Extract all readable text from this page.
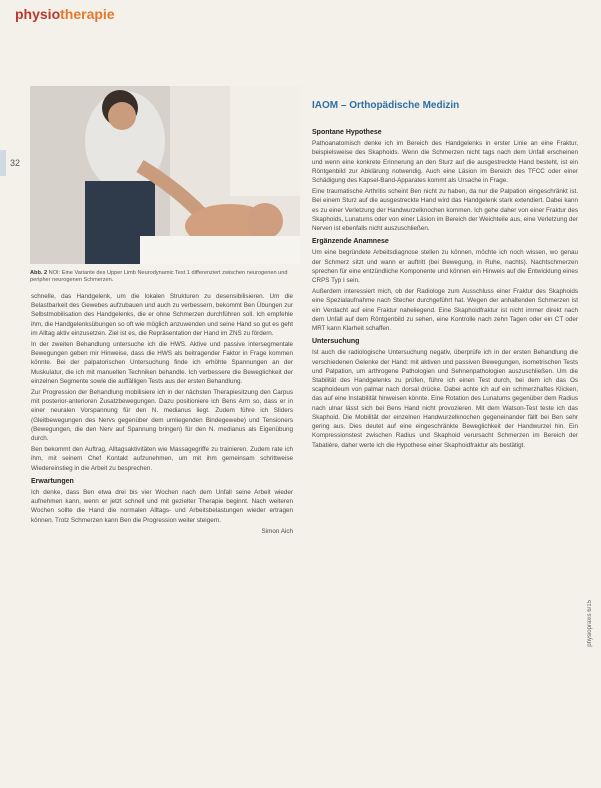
physiotherapie
32
Abb. 2 NOI: Eine Variante des Upper Limb Neurodynamic Test 1 differenziert zwischen neurogenen und peripher neurogenen Schmerzen.

schnelle, das Handgelenk, um die lokalen Strukturen zu desensibilisieren. Um die Belastbarkeit des Gewebes aufzubauen und auch zu verbessern, bekommt Ben Übungen zur Selbstmobilisation des Handgelenks, die er ohne Schmerzen durchführen soll. Ich empfehle ihm, die Handgelenksübungen so oft wie möglich anzuwenden und seine Hand so gut es geht im Alltag aktiv einzusetzen. Ziel ist es, die Repräsentation der Hand im ZNS zu fördern.

In der zweiten Behandlung untersuche ich die HWS. Aktive und passive intersegmentale Bewegungen geben mir Hinweise, dass die HWS als beitragender Faktor in Frage kommen könnte. Bei der palpatorischen Untersuchung finde ich erhöhte Spannungen an der Muskulatur, die ich mit manuellen Techniken behandle. Ich verbessere die Beweglichkeit der einzelnen Segmente sowie die auffälligen Tests aus der ersten Behandlung.

Zur Progression der Behandlung mobilisiere ich in der nächsten Therapiesitzung den Carpus mit posterior-anterioren Zusatzbewegungen. Dazu positioniere ich Bens Arm so, dass er in einer neuralen Vorspannung für den N. medianus liegt. Zudem führe ich Sliders (Gleitbewegungen des Nervs gegenüber dem umliegenden Bindegewebe) und Tensioners (Bewegungen, die den Nerv auf Spannung bringen) für den N. medianus als Eigenübung durch.

Ben bekommt den Auftrag, Alltagsaktivitäten wie Massagegriffe zu trainieren. Zudem rate ich ihm, mit seinem Chef Kontakt aufzunehmen, um mit ihm gemeinsam schrittweise Wiedereinstieg in die Arbeit zu besprechen.

Erwartungen

Ich denke, dass Ben etwa drei bis vier Wochen nach dem Unfall seine Arbeit wieder aufnehmen kann, wenn er jetzt schnell und mit gezielter Therapie beginnt. Nach weiteren Wochen sollte die Hand die normalen Alltags- und Arbeitsbelastungen wieder ertragen können. Trotz Schmerzen kann Ben die Progression weiter steigern.

Simon Aich

IAOM – Orthopädische Medizin
Spontane Hypothese

Pathoanatomisch denke ich im Bereich des Handgelenks in erster Linie an eine Fraktur, beispielsweise des Skaphoids. Wenn die Schmerzen nicht tags nach dem Unfall erscheinen und wenn eine konkrete Erinnerung an den Sturz auf die ausgestreckte Hand besteht, ist ein Röntgenbild zur Abklärung notwendig. Auch eine Läsion im Bereich des TFCC oder einer Schädigung des Kapsel-Band-Apparates kommt als Ursache in Frage.

Eine traumatische Arthritis scheint Ben nicht zu haben, da nur die Palpation eingeschränkt ist. Bei einem Sturz auf die ausgestreckte Hand wird das Handgelenk stark extendiert. Dabei kann es zu einer Verletzung der Handwurzelknochen kommen. Ich gehe daher von einer Fraktur des Skaphoids, Lunatums oder von einer Läsion im Bereich der Weichteile aus, eine Verletzung der Nerven ist ebenfalls nicht auszuschließen.

Ergänzende Anamnese

Um eine begründete Arbeitsdiagnose stellen zu können, möchte ich noch wissen, wo genau der Schmerz sitzt und wann er auftritt (bei Bewegung, in Ruhe, nachts). Nachtschmerzen sprechen für eine entzündliche Komponente und können ein Hinweis auf die Entwicklung eines CRPS Typ I sein.

Außerdem interessiert mich, ob der Radiologe zum Ausschluss einer Fraktur des Skaphoids eine Spezialaufnahme nach Stecher durchgeführt hat. Wegen der anhaltenden Schmerzen ist ein Verdacht auf eine Fraktur naheliegend. Eine Skaphoidfraktur ist nicht immer direkt nach dem Unfall auf dem Röntgenbild zu sehen, eine Kontrolle nach zehn Tagen oder ein CT oder MRT kann Klarheit schaffen.

Untersuchung

Ist auch die radiologische Untersuchung negativ, überprüfe ich in der ersten Behandlung die verschiedenen Gelenke der Hand: mit aktiven und passiven Bewegungen, isometrischen Tests und Palpation, um arthrogene Pathologien und Sehnenpathologien auszuschließen. Um die Stabilität des Handgelenks zu prüfen, führe ich einen Test durch, bei dem ich das Os scaphoideum von palmar nach dorsal drücke. Dabei achte ich auf ein schmerzhaftes Klicken, das auf eine Instabilität hinweisen könnte. Eine Rotation des Lunatums gegenüber dem Radius nach ulnar lässt sich bei Bens Hand nicht provozieren. Mit dem Watson-Test teste ich das Skaphoid. Die Mobilität der einzelnen Handwurzelknochen gegeneinander fällt bei Ben sehr gering aus. Dies deutet auf eine eingeschränkte Beweglichkeit der Handwurzel hin. Ein Kompressionstest zwischen Radius und Skaphoid verursacht Schmerzen im Bereich der Tabatière, daher werte ich die Hypothese einer Skaphoidfraktur als bestätigt.

physiopraxis 6/15
